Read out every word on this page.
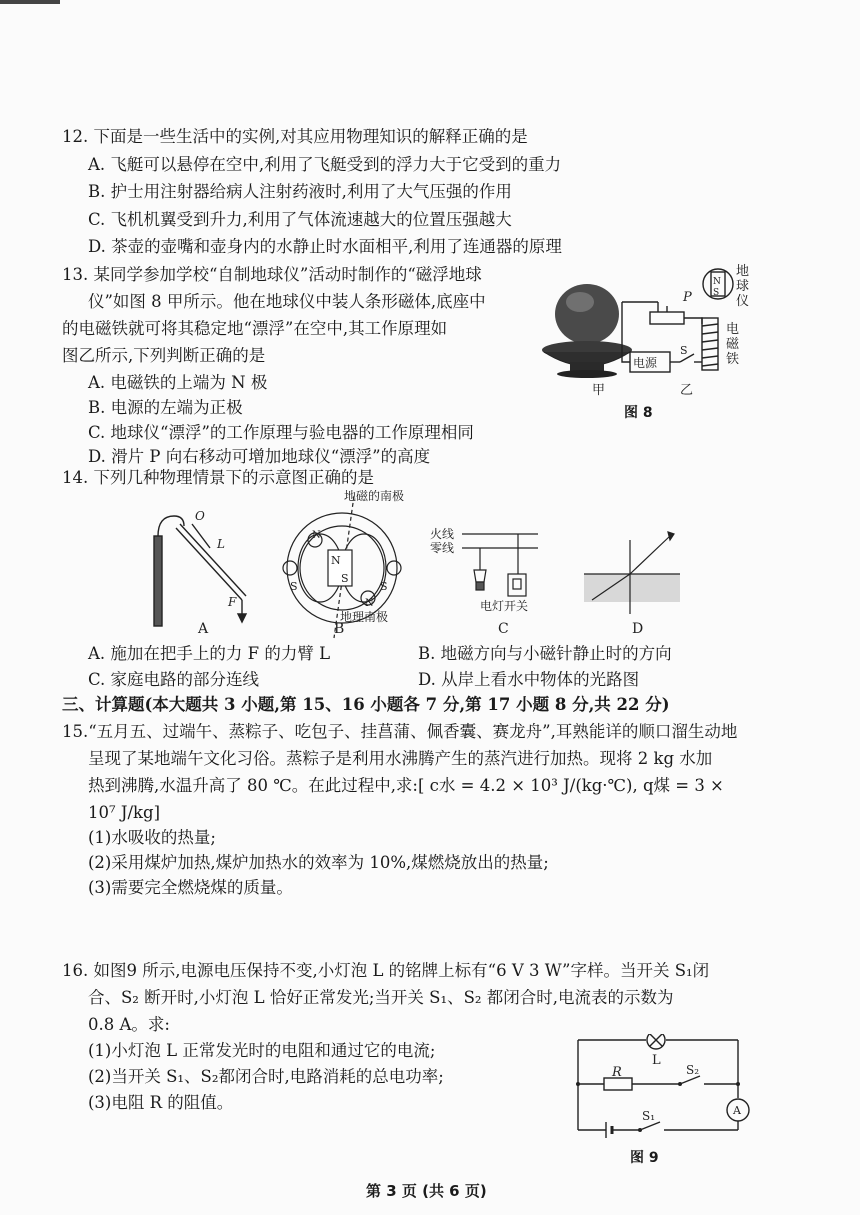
12. 下面是一些生活中的实例,对其应用物理知识的解释正确的是
A. 飞艇可以悬停在空中,利用了飞艇受到的浮力大于它受到的重力
B. 护士用注射器给病人注射药液时,利用了大气压强的作用
C. 飞机机翼受到升力,利用了气体流速越大的位置压强越大
D. 茶壶的壶嘴和壶身内的水静止时水面相平,利用了连通器的原理
13. 某同学参加学校“自制地球仪”活动时制作的“磁浮地球
仪”如图 8 甲所示。他在地球仪中装人条形磁体,底座中
的电磁铁就可将其稳定地“漂浮”在空中,其工作原理如
图乙所示,下列判断正确的是
A. 电磁铁的上端为 N 极
B. 电源的左端为正极
C. 地球仪“漂浮”的工作原理与验电器的工作原理相同
D. 滑片 P 向右移动可增加地球仪“漂浮”的高度
P
N
S
电源
S
甲	乙
地球仪
电磁铁
图 8
14. 下列几种物理情景下的示意图正确的是
O
L
F
N
S
S	S
N
N
地磁的南极
地理南极
火线
零线
电灯开关
A	B	C	D
A. 施加在把手上的力 F 的力臂 L	B. 地磁方向与小磁针静止时的方向
C. 家庭电路的部分连线	D. 从岸上看水中物体的光路图
三、计算题(本大题共 3 小题,第 15、16 小题各 7 分,第 17 小题 8 分,共 22 分)
15.“五月五、过端午、蒸粽子、吃包子、挂菖蒲、佩香囊、赛龙舟”,耳熟能详的顺口溜生动地
呈现了某地端午文化习俗。蒸粽子是利用水沸腾产生的蒸汽进行加热。现将 2 kg 水加
热到沸腾,水温升高了 80 ℃。在此过程中,求:[ c水 = 4.2 × 10³ J/(kg·℃), q煤 = 3 ×
10⁷ J/kg]
(1)水吸收的热量;
(2)采用煤炉加热,煤炉加热水的效率为 10%,煤燃烧放出的热量;
(3)需要完全燃烧煤的质量。
16. 如图9 所示,电源电压保持不变,小灯泡 L 的铭牌上标有“6 V 3 W”字样。当开关 S₁闭
合、S₂ 断开时,小灯泡 L 恰好正常发光;当开关 S₁、S₂ 都闭合时,电流表的示数为
0.8 A。求:
(1)小灯泡 L 正常发光时的电阻和通过它的电流;
(2)当开关 S₁、S₂都闭合时,电路消耗的总电功率;
(3)电阻 R 的阻值。
L
R	S₂
S₁	A
图 9
第 3 页 (共 6 页)
